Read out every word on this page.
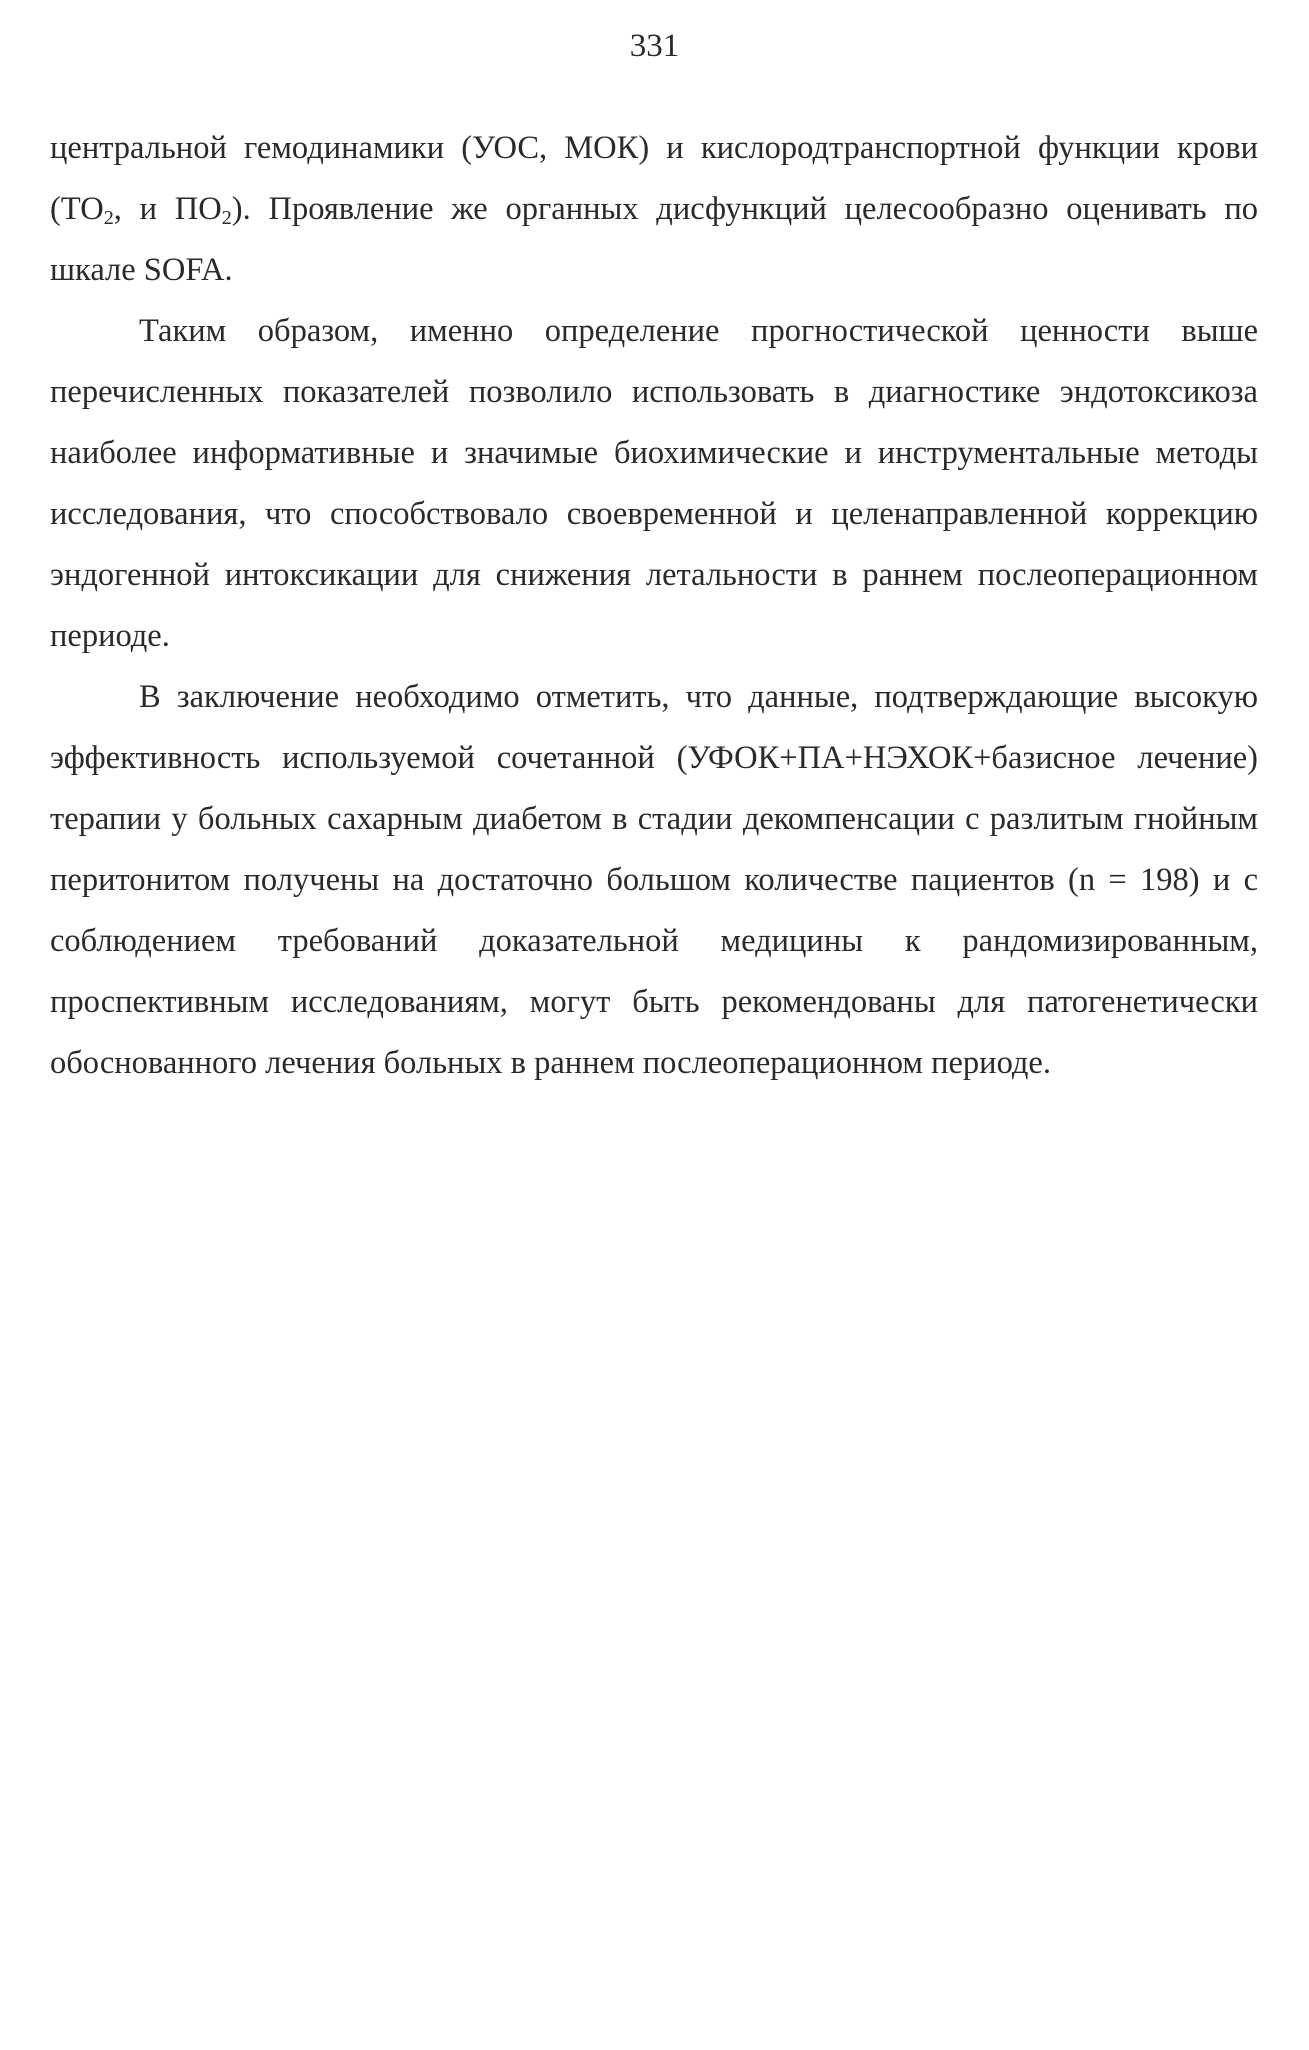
331

центральной гемодинамики (УОС, МОК) и кислородтранспортной функции крови ($ТО_2$, и $ПО_2$). Проявление же органных дисфункций целесообразно оценивать по шкале SOFA.

Таким образом, именно определение прогностической ценности выше перечисленных показателей позволило использовать в диагностике эндотоксикоза наиболее информативные и значимые биохимические и инструментальные методы исследования, что способствовало своевременной и целенаправленной коррекцию эндогенной интоксикации для снижения летальности в раннем послеоперационном периоде.

В заключение необходимо отметить, что данные, подтверждающие высокую эффективность используемой сочетанной (УФОК+ПА+НЭХОК+базисное лечение) терапии у больных сахарным диабетом в стадии декомпенсации с разлитым гнойным перитонитом получены на достаточно большом количестве пациентов (n = 198) и с соблюдением требований доказательной медицины к рандомизированным, проспективным исследованиям, могут быть рекомендованы для патогенетически обоснованного лечения больных в раннем послеоперационном периоде.
